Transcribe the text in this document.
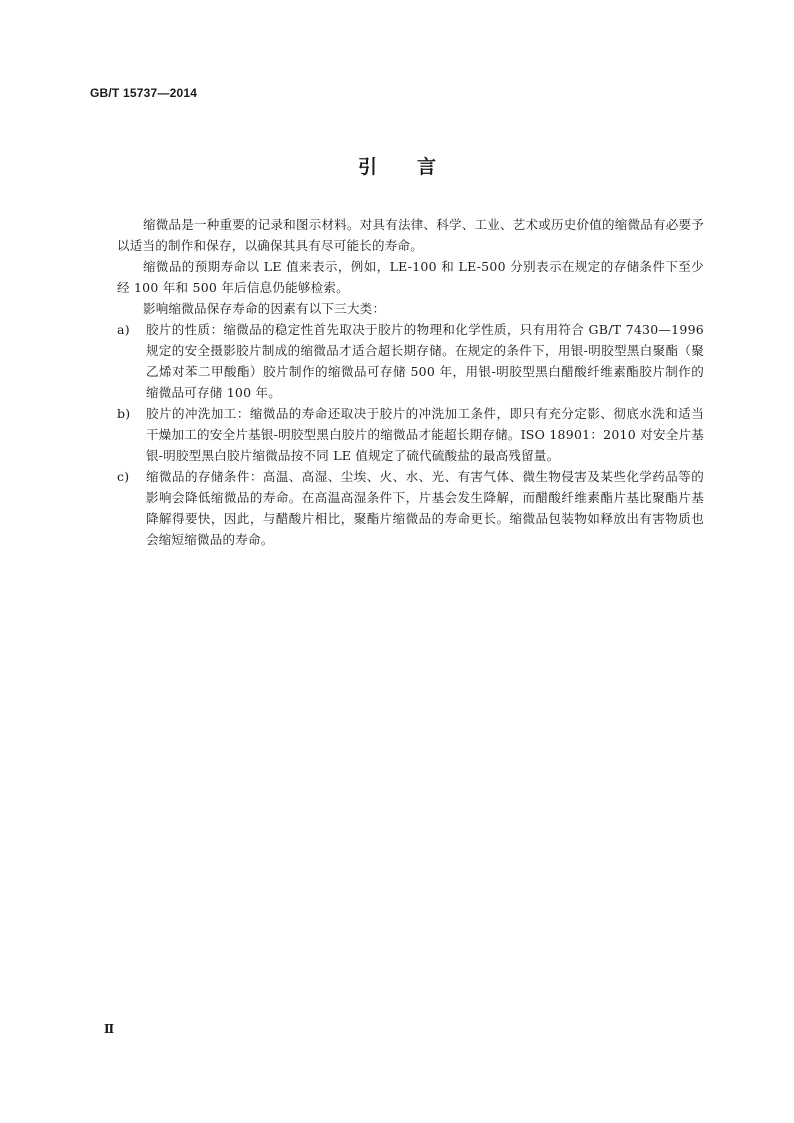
GB/T 15737—2014
引 言

缩微品是一种重要的记录和图示材料。对具有法律、科学、工业、艺术或历史价值的缩微品有必要予以适当的制作和保存，以确保其具有尽可能长的寿命。

缩微品的预期寿命以 LE 值来表示，例如，LE-100 和 LE-500 分别表示在规定的存储条件下至少经 100 年和 500 年后信息仍能够检索。

影响缩微品保存寿命的因素有以下三大类：

a) 胶片的性质：缩微品的稳定性首先取决于胶片的物理和化学性质，只有用符合 GB/T 7430—1996 规定的安全摄影胶片制成的缩微品才适合超长期存储。在规定的条件下，用银-明胶型黑白聚酯（聚乙烯对苯二甲酸酯）胶片制作的缩微品可存储 500 年，用银-明胶型黑白醋酸纤维素酯胶片制作的缩微品可存储 100 年。
b) 胶片的冲洗加工：缩微品的寿命还取决于胶片的冲洗加工条件，即只有充分定影、彻底水洗和适当干燥加工的安全片基银-明胶型黑白胶片的缩微品才能超长期存储。ISO 18901：2010 对安全片基银-明胶型黑白胶片缩微品按不同 LE 值规定了硫代硫酸盐的最高残留量。
c) 缩微品的存储条件：高温、高湿、尘埃、火、水、光、有害气体、微生物侵害及某些化学药品等的影响会降低缩微品的寿命。在高温高湿条件下，片基会发生降解，而醋酸纤维素酯片基比聚酯片基降解得要快，因此，与醋酸片相比，聚酯片缩微品的寿命更长。缩微品包装物如释放出有害物质也会缩短缩微品的寿命。
Ⅱ
